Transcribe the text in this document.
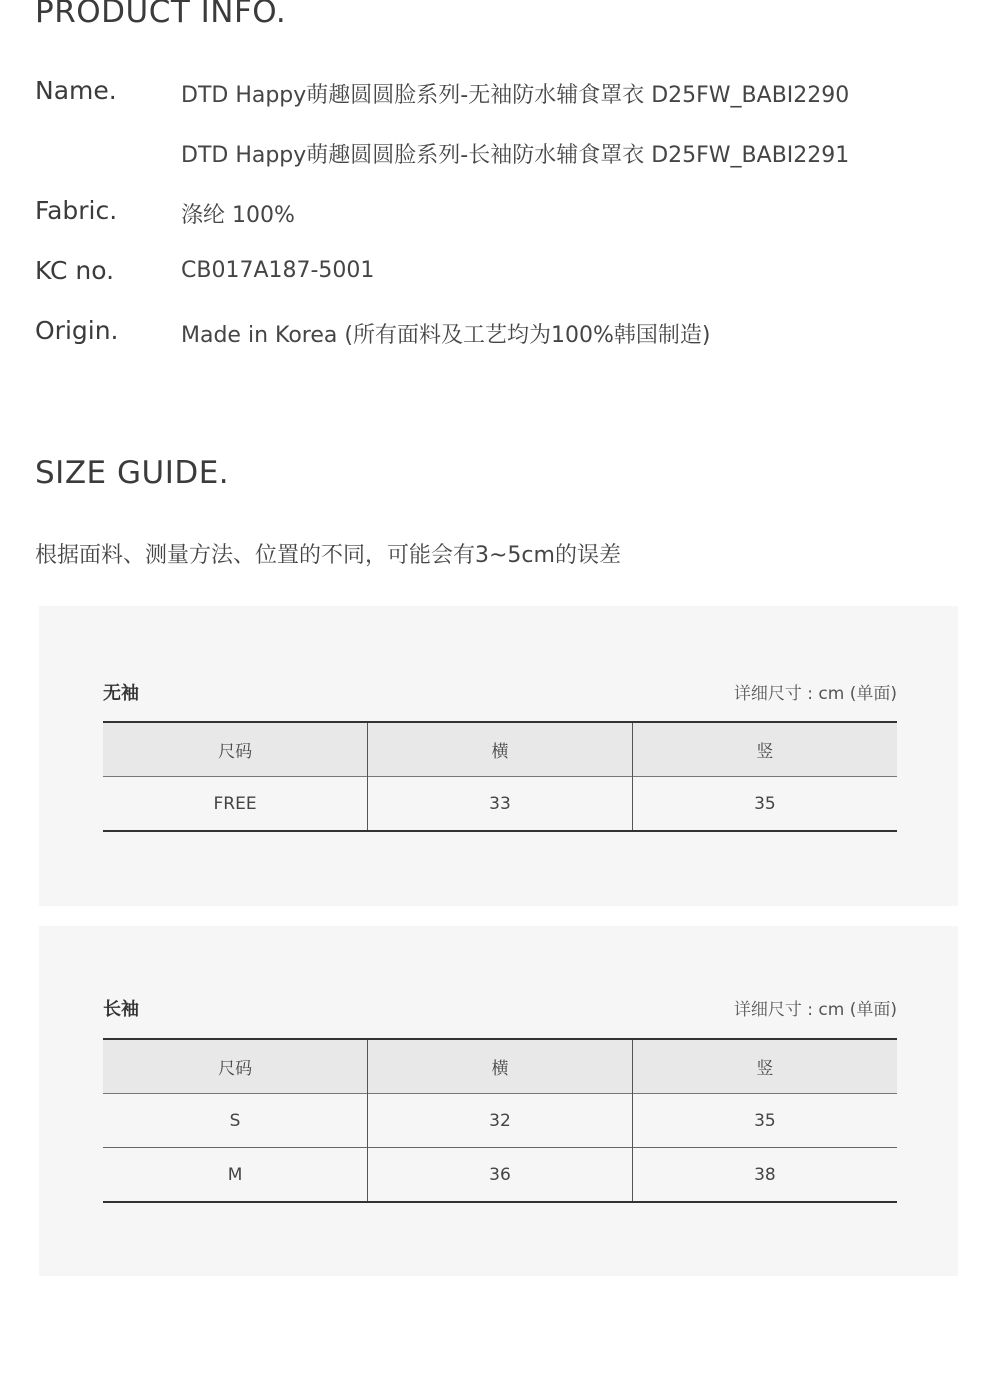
PRODUCT INFO.
Name.	DTD Happy萌趣圆圆脸系列-无袖防水辅食罩衣 D25FW_BABI2290
DTD Happy萌趣圆圆脸系列-长袖防水辅食罩衣 D25FW_BABI2291
Fabric.	涤纶 100%
KC no.	CB017A187-5001
Origin.	Made in Korea (所有面料及工艺均为100%韩国制造)
SIZE GUIDE.
根据面料、测量方法、位置的不同，可能会有3~5cm的误差
无袖	详细尺寸 : cm (单面)
尺码	横	竖
FREE	33	35
长袖	详细尺寸 : cm (单面)
尺码	横	竖
S	32	35
M	36	38
